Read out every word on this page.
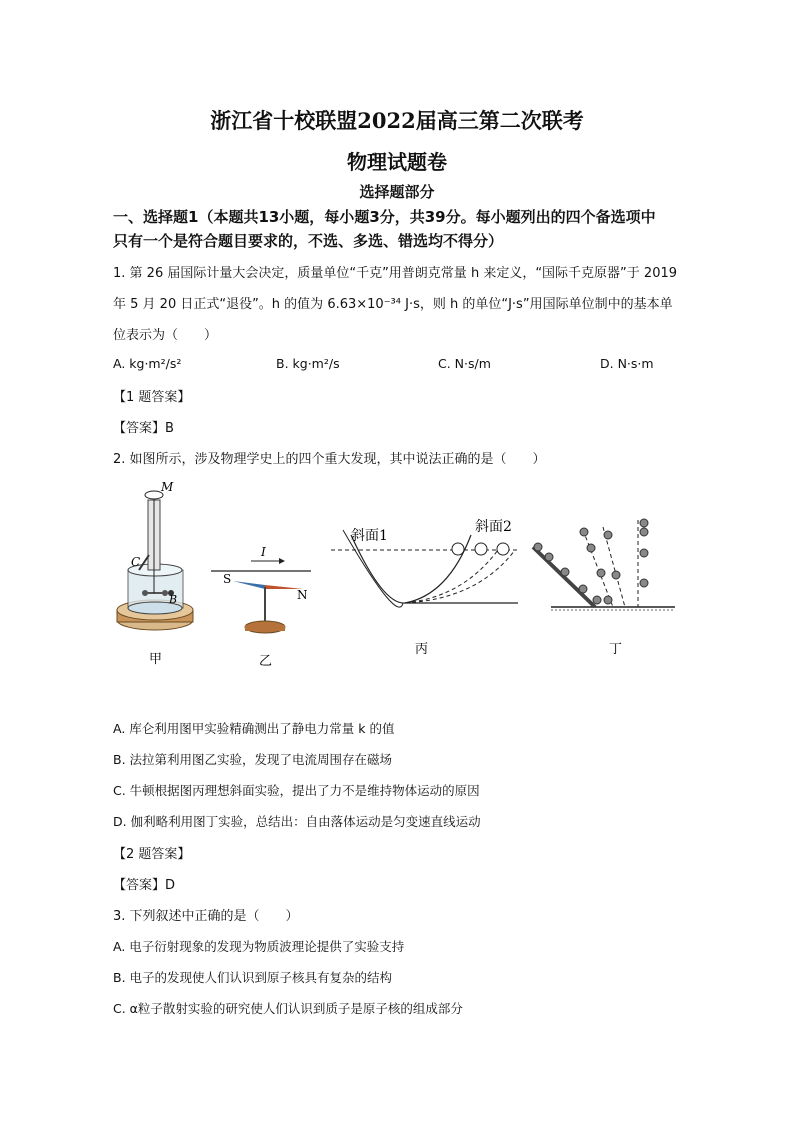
浙江省十校联盟2022届高三第二次联考
物理试题卷
选择题部分
一、选择题1（本题共13小题，每小题3分，共39分。每小题列出的四个备选项中
只有一个是符合题目要求的，不选、多选、错选均不得分）
1. 第 26 届国际计量大会决定，质量单位“千克”用普朗克常量 h 来定义，“国际千克原器”于 2019
年 5 月 20 日正式“退役”。h 的值为 6.63×10⁻³⁴ J·s，则 h 的单位“J·s”用国际单位制中的基本单
位表示为（　　）
A. kg·m²/s²	B. kg·m²/s	C. N·s/m	D. N·s·m
【1 题答案】
【答案】B
2. 如图所示，涉及物理学史上的四个重大发现，其中说法正确的是（　　）
M
C
B
甲
I
S
N
乙
斜面1
斜面2
丙	丁
A. 库仑利用图甲实验精确测出了静电力常量 k 的值
B. 法拉第利用图乙实验，发现了电流周围存在磁场
C. 牛顿根据图丙理想斜面实验，提出了力不是维持物体运动的原因
D. 伽利略利用图丁实验，总结出：自由落体运动是匀变速直线运动
【2 题答案】
【答案】D
3. 下列叙述中正确的是（　　）
A. 电子衍射现象的发现为物质波理论提供了实验支持
B. 电子的发现使人们认识到原子核具有复杂的结构
C. α粒子散射实验的研究使人们认识到质子是原子核的组成部分
